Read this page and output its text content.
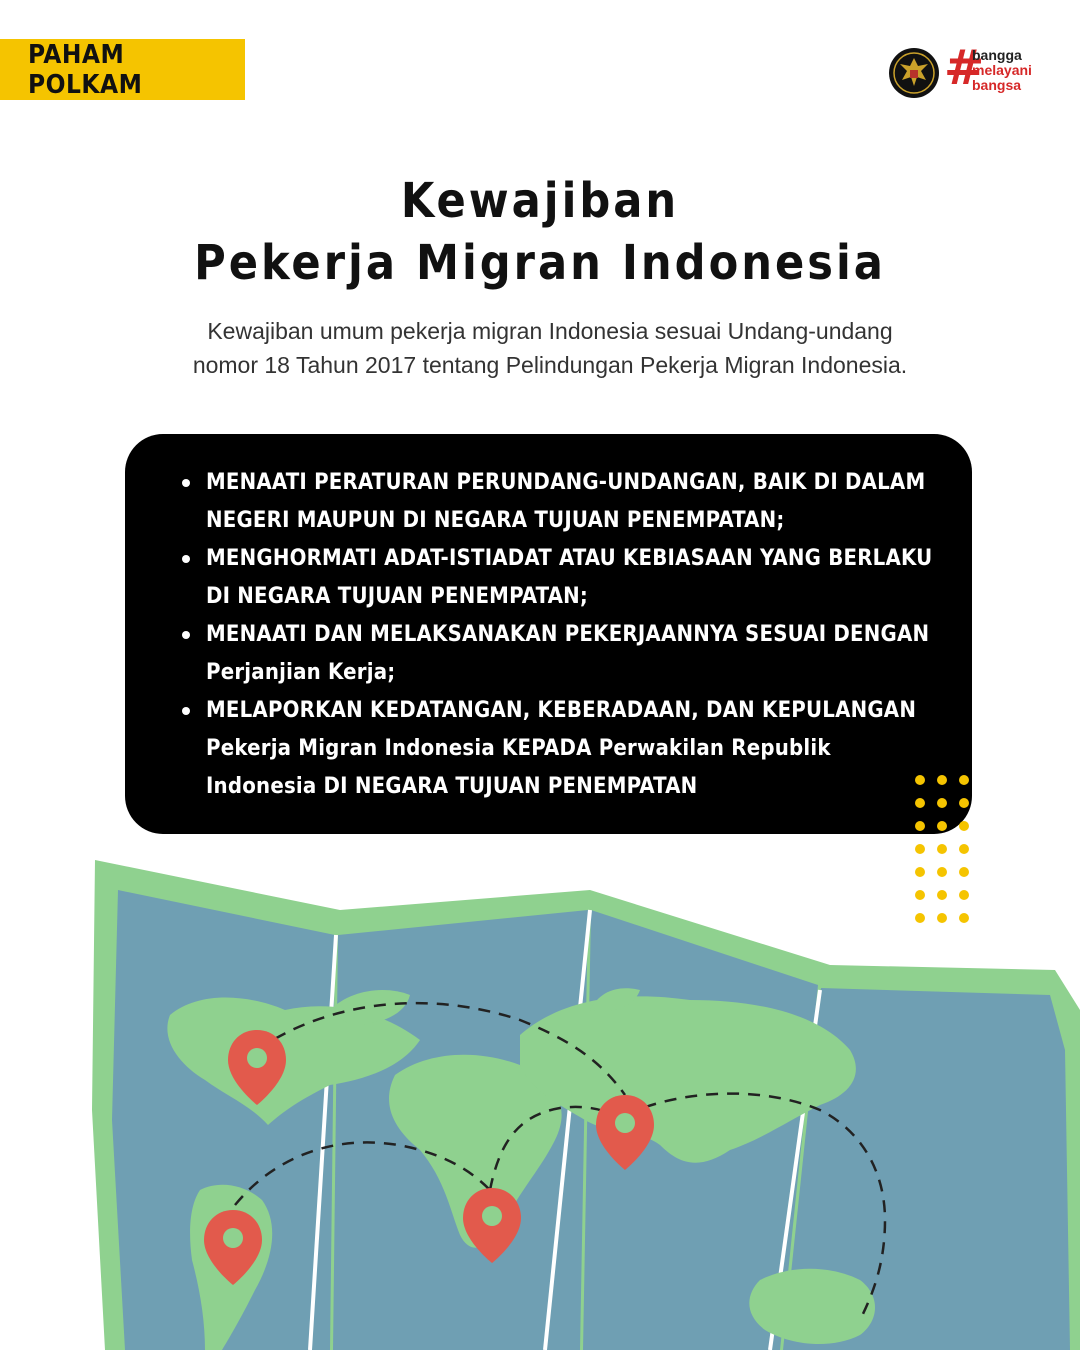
PAHAM POLKAM	#
bangga
melayani
bangsa
Kewajiban
Pekerja Migran Indonesia
Kewajiban umum pekerja migran Indonesia sesuai Undang-undang nomor 18 Tahun 2017 tentang Pelindungan Pekerja Migran Indonesia.
MENAATI PERATURAN PERUNDANG-UNDANGAN, BAIK DI DALAM NEGERI MAUPUN DI NEGARA TUJUAN PENEMPATAN;
MENGHORMATI ADAT-ISTIADAT ATAU KEBIASAAN YANG BERLAKU DI NEGARA TUJUAN PENEMPATAN;
MENAATI DAN MELAKSANAKAN PEKERJAANNYA SESUAI DENGAN Perjanjian Kerja;
MELAPORKAN KEDATANGAN, KEBERADAAN, DAN KEPULANGAN Pekerja Migran Indonesia KEPADA Perwakilan Republik Indonesia DI NEGARA TUJUAN PENEMPATAN
